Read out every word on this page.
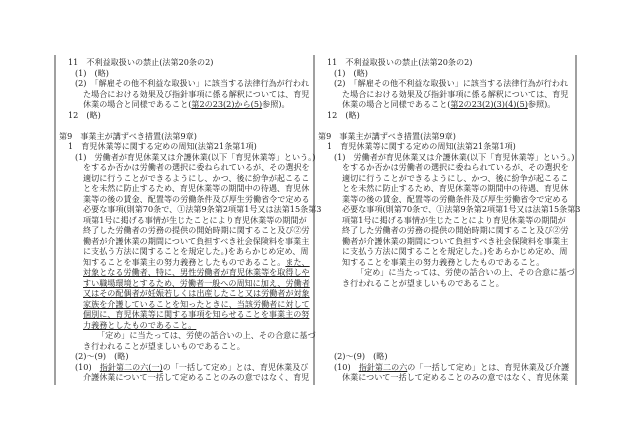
11　不利益取扱いの禁止(法第20条の2)
(1)　(略)
(2)　「解雇その他不利益な取扱い」に該当する法律行為が行われ
た場合における効果及び指針事項に係る解釈については、育児
休業の場合と同様であること(第2の23(2)から(5)参照)。
12　(略)
第9　事業主が講ずべき措置(法第9章)
1　育児休業等に関する定めの周知(法第21条第1項)
(1)　労働者が育児休業又は介護休業(以下「育児休業等」という。)
をするか否かは労働者の選択に委ねられているが、その選択を
適切に行うことができるようにし、かつ、後に紛争が起こるこ
とを未然に防止するため、育児休業等の期間中の待遇、育児休
業等の後の賃金、配置等の労働条件及び厚生労働省令で定める
必要な事項(則第70条で、①法第9条第2項第1号又は法第15条第3
項第1号に掲げる事情が生じたことにより育児休業等の期間が
終了した労働者の労務の提供の開始時期に関すること及び②労
働者が介護休業の期間について負担すべき社会保険料を事業主
に支払う方法に関することを規定した。)をあらかじめ定め、周
知することを事業主の努力義務としたものであること。また、
対象となる労働者、特に、男性労働者が育児休業等を取得しや
すい職場環境とするため、労働者一般への周知に加え、労働者
又はその配偶者が妊娠若しくは出産したこと又は労働者が対象
家族を介護していることを知ったときに、当該労働者に対して
個別に、育児休業等に関する事項を知らせることを事業主の努
力義務としたものであること。
「定め」に当たっては、労使の話合いの上、その合意に基づ
き行われることが望ましいものであること。
(2)～(9)　(略)
(10)　指針第二の六(一)の「一括して定め」とは、育児休業及び
介護休業について一括して定めることのみの意ではなく、育児
11　不利益取扱いの禁止(法第20条の2)
(1)　(略)
(2)　「解雇その他不利益な取扱い」に該当する法律行為が行われ
た場合における効果及び指針事項に係る解釈については、育児
休業の場合と同様であること(第2の23(2)(3)(4)(5)参照)。
12　(略)
第9　事業主が講ずべき措置(法第9章)
1　育児休業等に関する定めの周知(法第21条第1項)
(1)　労働者が育児休業又は介護休業(以下「育児休業等」という。)
をするか否かは労働者の選択に委ねられているが、その選択を
適切に行うことができるようにし、かつ、後に紛争が起こるこ
とを未然に防止するため、育児休業等の期間中の待遇、育児休
業等の後の賃金、配置等の労働条件及び厚生労働省令で定める
必要な事項(則第70条で、①法第9条第2項第1号又は法第15条第3
項第1号に掲げる事情が生じたことにより育児休業等の期間が
終了した労働者の労務の提供の開始時期に関すること及び②労
働者が介護休業の期間について負担すべき社会保険料を事業主
に支払う方法に関することを規定した。)をあらかじめ定め、周
知することを事業主の努力義務としたものであること。
「定め」に当たっては、労使の話合いの上、その合意に基づ
き行われることが望ましいものであること。
(2)～(9)　(略)
(10)　指針第二の六の「一括して定め」とは、育児休業及び介護
休業について一括して定めることのみの意ではなく、育児休業
